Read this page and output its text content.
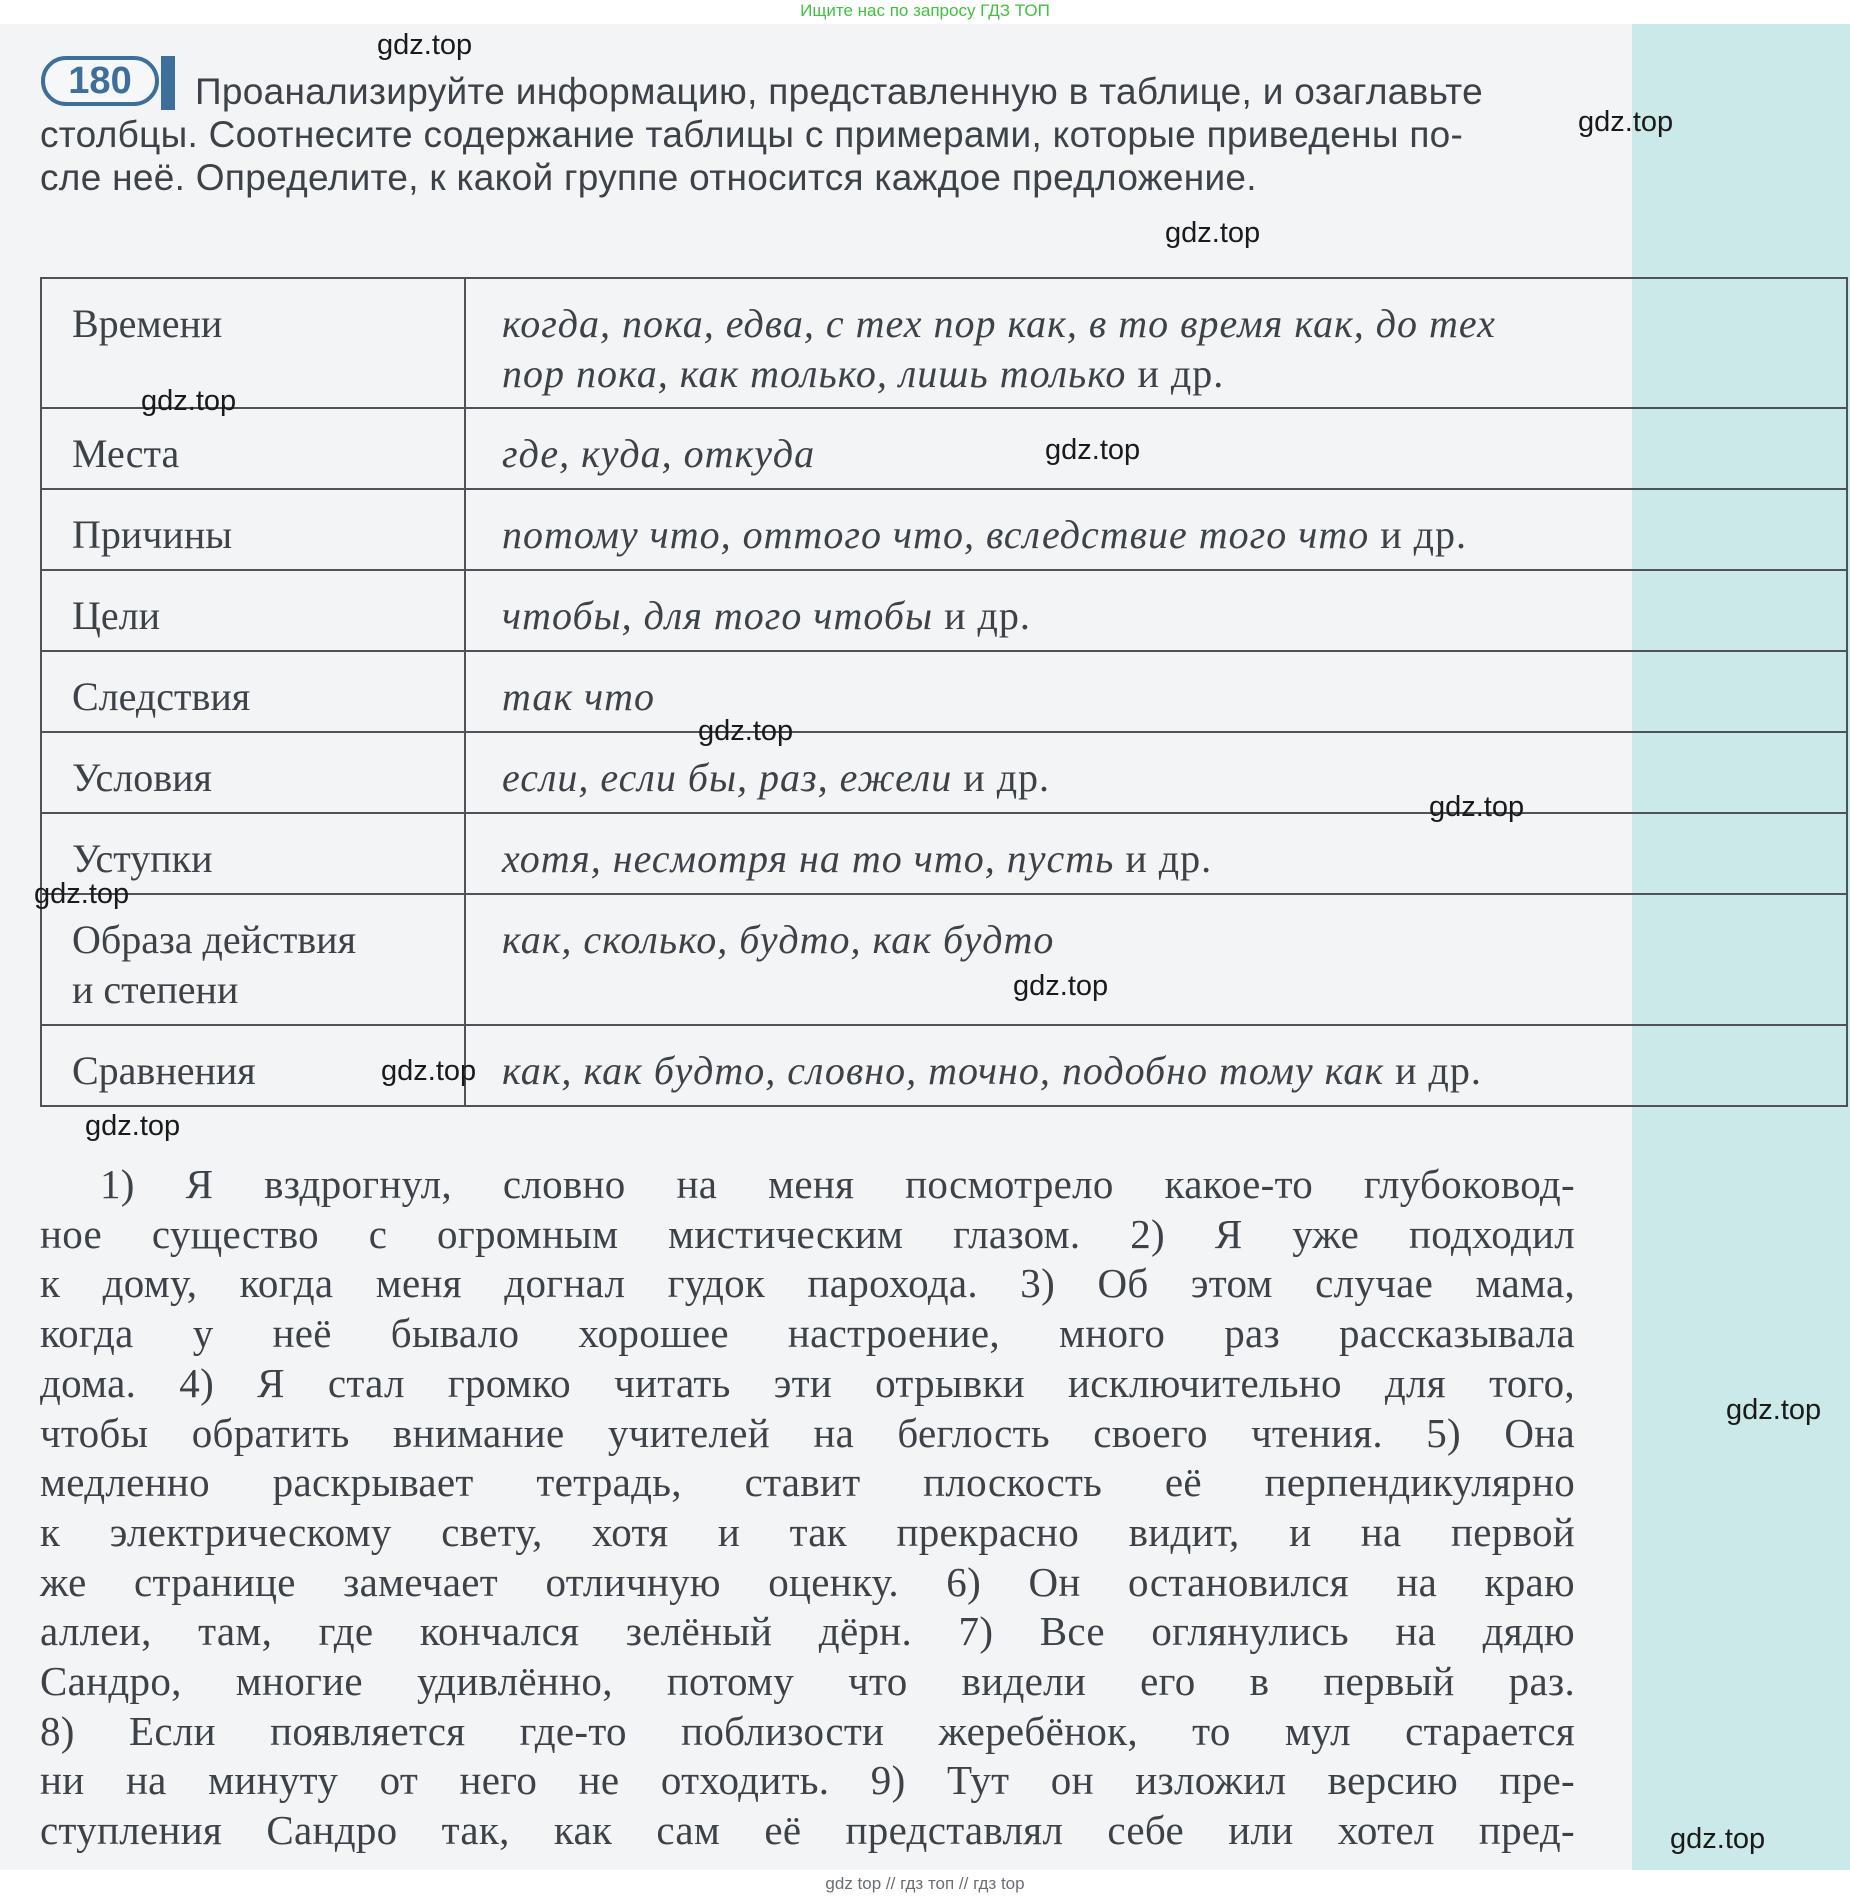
Ищите нас по запросу ГДЗ ТОП
180	Проанализируйте информацию, представленную в таблице, и озаглавьте
столбцы. Соотнесите содержание таблицы с примерами, которые приведены по-
сле неё. Определите, к какой группе относится каждое предложение.
Времени	когда, пока, едва, с тех пор как, в то время как, до тех
пор пока, как только, лишь только и др.
Места	где, куда, откуда
Причины	потому что, оттого что, вследствие того что и др.
Цели	чтобы, для того чтобы и др.
Следствия	так что
Условия	если, если бы, раз, ежели и др.
Уступки	хотя, несмотря на то что, пусть и др.
Образа действия
и степени	как, сколько, будто, как будто
Сравнения	как, как будто, словно, точно, подобно тому как и др.
1) Я вздрогнул, словно на меня посмотрело какое-то глубоковод-
ное существо с огромным мистическим глазом. 2) Я уже подходил
к дому, когда меня догнал гудок парохода. 3) Об этом случае мама,
когда у неё бывало хорошее настроение, много раз рассказывала
дома. 4) Я стал громко читать эти отрывки исключительно для того,
чтобы обратить внимание учителей на беглость своего чтения. 5) Она
медленно раскрывает тетрадь, ставит плоскость её перпендикулярно
к электрическому свету, хотя и так прекрасно видит, и на первой
же странице замечает отличную оценку. 6) Он остановился на краю
аллеи, там, где кончался зелёный дёрн. 7) Все оглянулись на дядю
Сандро, многие удивлённо, потому что видели его в первый раз.
8) Если появляется где-то поблизости жеребёнок, то мул старается
ни на минуту от него не отходить. 9) Тут он изложил версию пре-
ступления Сандро так, как сам её представлял себе или хотел пред-
gdz.top
gdz.top
gdz.top
gdz.top
gdz.top
gdz.top
gdz.top
gdz.top
gdz.top
gdz.top
gdz.top
gdz.top
gdz.top
gdz top // гдз топ // гдз top
